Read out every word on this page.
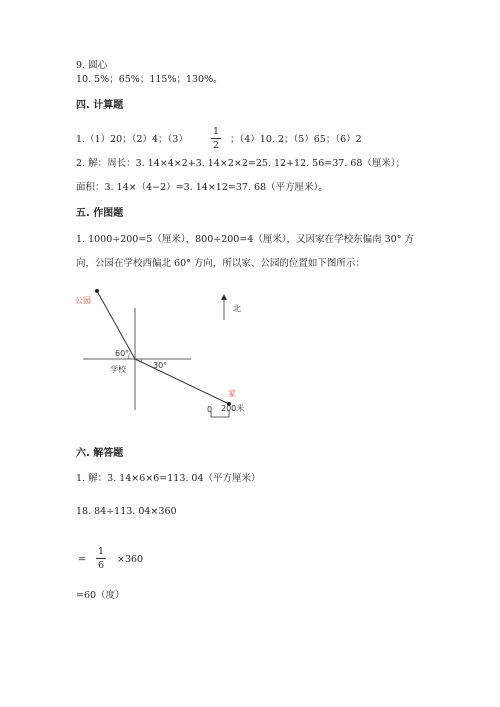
9. 圆心
10. 5%；65%；115%；130%。
四. 计算题
1.（1）20；（2）4；（3）
1
2
；（4）10. 2；（5）65；（6）2
2. 解：周长：3. 14×4×2+3. 14×2×2=25. 12+12. 56=37. 68（厘米）；
面积：3. 14×（4−2）=3. 14×12=37. 68（平方厘米）。
五. 作图题
1. 1000÷200=5（厘米），800÷200=4（厘米），又因家在学校东偏南 30° 方
向，公园在学校西偏北 60° 方向，所以家、公园的位置如下图所示：
公园
学校
家
北
60°
30°
0 200米
六. 解答题
1. 解：3. 14×6×6=113. 04（平方厘米）
18. 84÷113. 04×360
=
1
6
×360
=60（度）
